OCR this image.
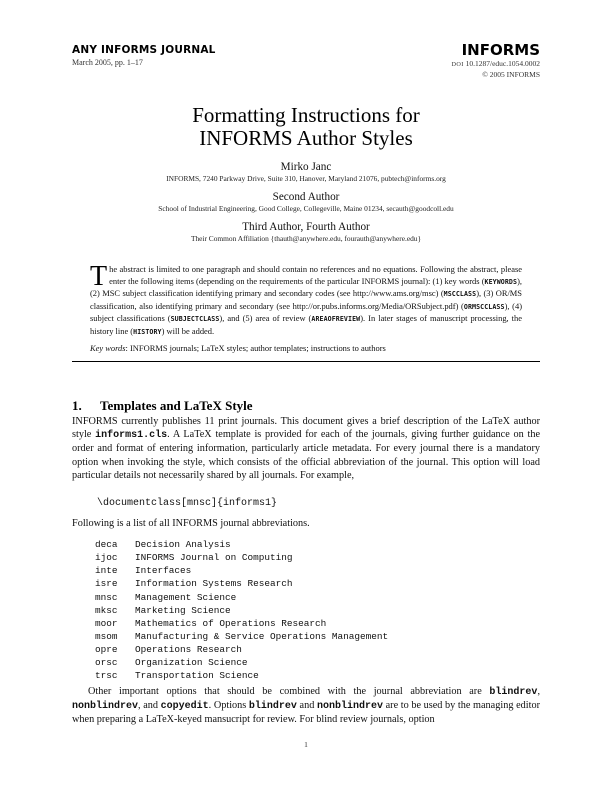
ANY INFORMS JOURNAL
March 2005, pp. 1–17
INFORMS
DOI 10.1287/educ.1054.0002
© 2005 INFORMS
Formatting Instructions for
INFORMS Author Styles
Mirko Janc
INFORMS, 7240 Parkway Drive, Suite 310, Hanover, Maryland 21076, pubtech@informs.org
Second Author
School of Industrial Engineering, Good College, Collegeville, Maine 01234, secauth@goodcoll.edu
Third Author, Fourth Author
Their Common Affiliation {thauth@anywhere.edu, fourauth@anywhere.edu}

The abstract is limited to one paragraph and should contain no references and no equations. Following the abstract, please enter the following items (depending on the requirements of the particular INFORMS journal): (1) key words (KEYWORDS), (2) MSC subject classification identifying primary and secondary codes (see http://www.ams.org/msc) (MSCCLASS), (3) OR/MS classification, also identifying primary and secondary (see http://or.pubs.informs.org/Media/ORSubject.pdf) (ORMSCCLASS), (4) subject classifications (SUBJECTCLASS), and (5) area of review (AREAOFREVIEW). In later stages of manuscript processing, the history line (HISTORY) will be added.

Key words: INFORMS journals; LaTeX styles; author templates; instructions to authors

1. Templates and LaTeX Style
INFORMS currently publishes 11 print journals. This document gives a brief description of the LaTeX author style informs1.cls. A LaTeX template is provided for each of the journals, giving further guidance on the order and format of entering information, particularly article metadata. For every journal there is a mandatory option when invoking the style, which consists of the official abbreviation of the journal. This option will load particular details not necessarily shared by all journals. For example,
\documentclass[mnsc]{informs1}
Following is a list of all INFORMS journal abbreviations.
deca	Decision Analysis
ijoc	INFORMS Journal on Computing
inte	Interfaces
isre	Information Systems Research
mnsc	Management Science
mksc	Marketing Science
moor	Mathematics of Operations Research
msom	Manufacturing & Service Operations Management
opre	Operations Research
orsc	Organization Science
trsc	Transportation Science
Other important options that should be combined with the journal abbreviation are blindrev, nonblindrev, and copyedit. Options blindrev and nonblindrev are to be used by the managing editor when preparing a LaTeX-keyed mansucript for review. For blind review journals, option
1
